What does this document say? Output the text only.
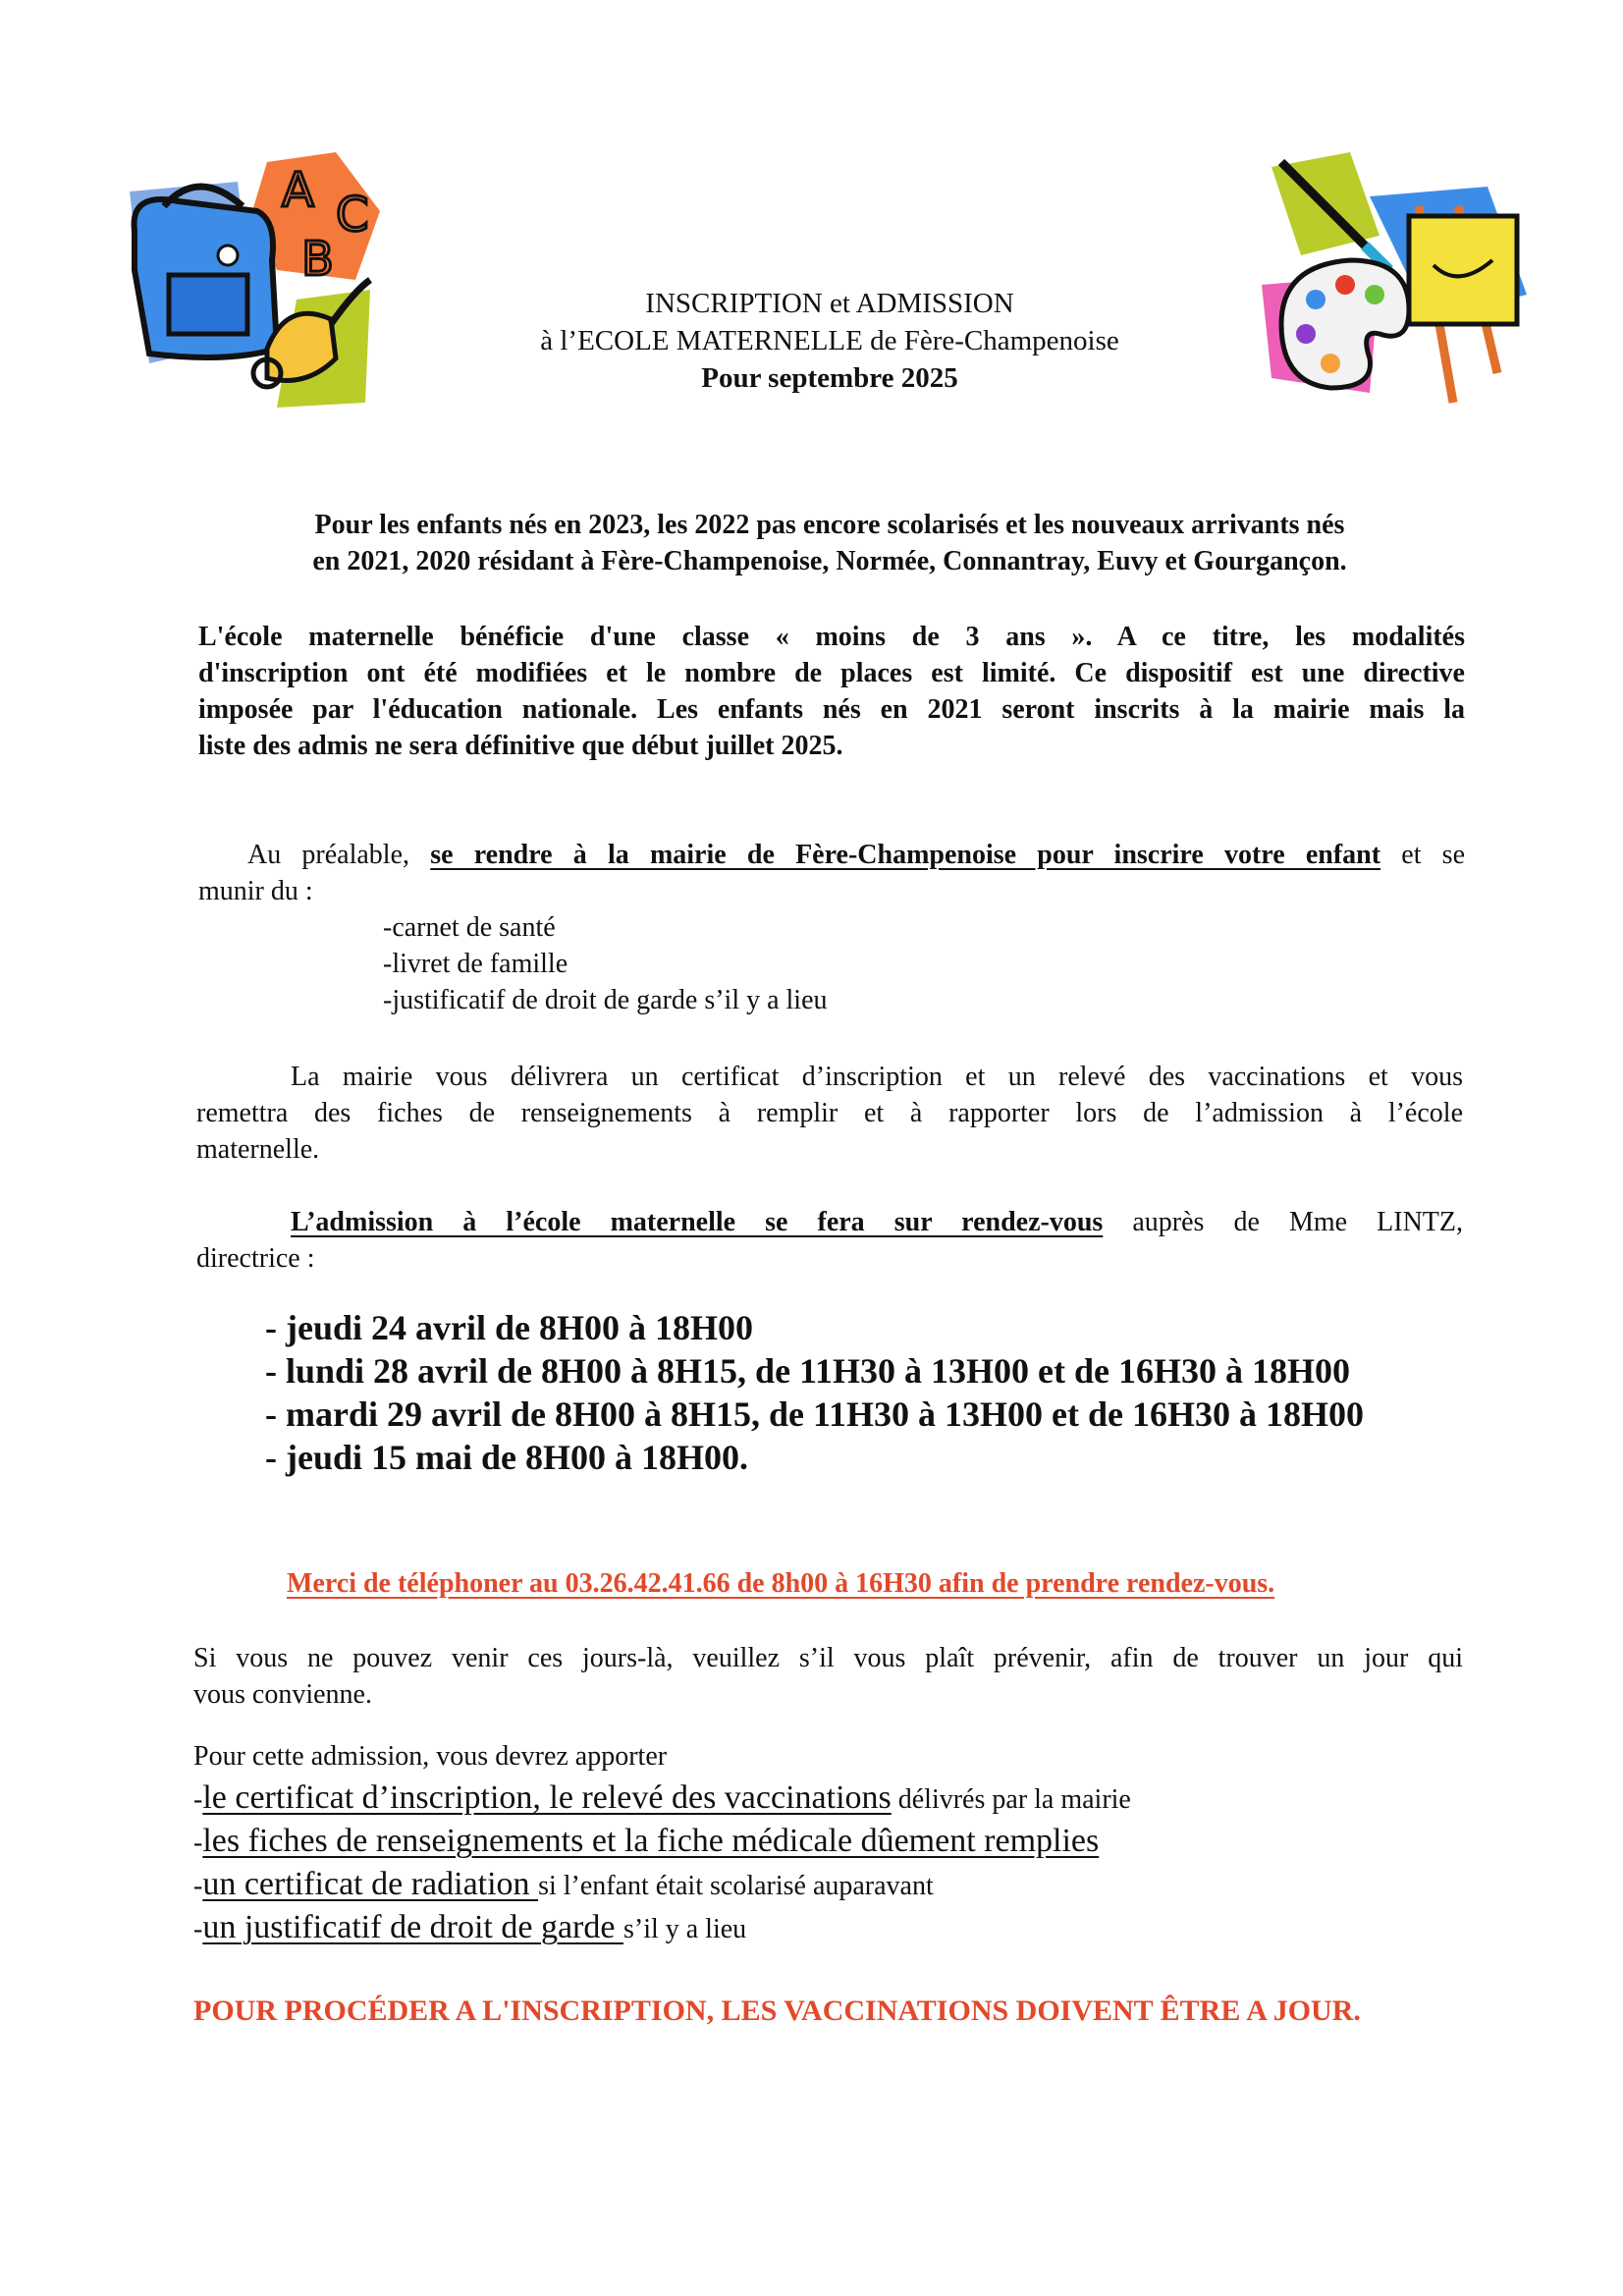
A C
B
INSCRIPTION et ADMISSION
à l’ECOLE MATERNELLE de Fère-Champenoise
Pour septembre 2025
Pour les enfants nés en 2023, les 2022 pas encore scolarisés et les nouveaux arrivants nés
en 2021, 2020 résidant à Fère-Champenoise, Normée, Connantray, Euvy et Gourgançon.
L'école maternelle bénéficie d'une classe « moins de 3 ans ». A ce titre, les modalités
d'inscription ont été modifiées et le nombre de places est limité. Ce dispositif est une directive
imposée par l'éducation nationale. Les enfants nés en 2021 seront inscrits à la mairie mais la
liste des admis ne sera définitive que début juillet 2025.
Au préalable, se rendre à la mairie de Fère-Champenoise pour inscrire votre enfant et se
munir du :
-carnet de santé
-livret de famille
-justificatif de droit de garde s’il y a lieu
La mairie vous délivrera un certificat d’inscription et un relevé des vaccinations et vous
remettra des fiches de renseignements à remplir et à rapporter lors de l’admission à l’école
maternelle.
L’admission à l’école maternelle se fera sur rendez-vous auprès de Mme LINTZ,
directrice :
- jeudi 24 avril de 8H00 à 18H00
- lundi 28 avril de 8H00 à 8H15, de 11H30 à 13H00 et de 16H30 à 18H00
- mardi 29 avril de 8H00 à 8H15, de 11H30 à 13H00 et de 16H30 à 18H00
- jeudi 15 mai de 8H00 à 18H00.
Merci de téléphoner au 03.26.42.41.66 de 8h00 à 16H30 afin de prendre rendez-vous.
Si vous ne pouvez venir ces jours-là, veuillez s’il vous plaît prévenir, afin de trouver un jour qui
vous convienne.
Pour cette admission, vous devrez apporter
-le certificat d’inscription, le relevé des vaccinations délivrés par la mairie
-les fiches de renseignements et la fiche médicale dûement remplies
-un certificat de radiation si l’enfant était scolarisé auparavant
-un justificatif de droit de garde s’il y a lieu
POUR PROCÉDER A L'INSCRIPTION, LES VACCINATIONS DOIVENT ÊTRE A JOUR.
